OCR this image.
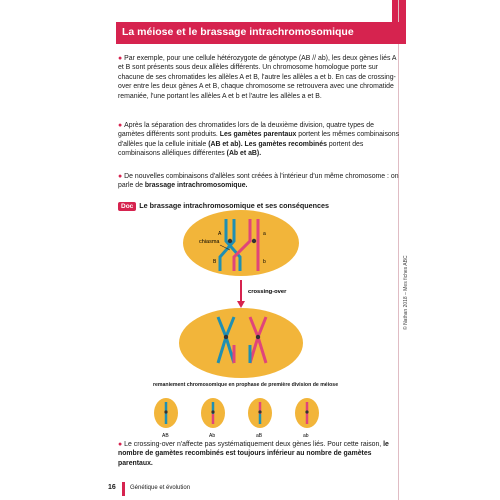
© Nathan 2018 – Mes fiches ABC
La méiose et le brassage intrachromosomique
● Par exemple, pour une cellule hétérozygote de génotype (AB // ab), les deux gènes liés A et B sont présents sous deux allèles différents. Un chromosome homologue porte sur chacune de ses chromatides les allèles A et B, l'autre les allèles a et b. En cas de crossing-over entre les deux gènes A et B, chaque chromosome se retrouvera avec une chromatide remaniée, l'une portant les allèles A et b et l'autre les allèles a et B.
● Après la séparation des chromatides lors de la deuxième division, quatre types de gamètes différents sont produits. Les gamètes parentaux portent les mêmes combinaisons d'allèles que la cellule initiale (AB et ab). Les gamètes recombinés portent des combinaisons alléliques différentes (Ab et aB).
● De nouvelles combinaisons d'allèles sont créées à l'intérieur d'un même chromosome : on parle de brassage intrachromosomique.
Doc Le brassage intrachromosomique et ses conséquences
A	a
B	b
chiasma
crossing-over
AB	Ab	aB	ab
remaniement chromosomique en prophase de première division de méiose
● Le crossing-over n'affecte pas systématiquement deux gènes liés. Pour cette raison, le nombre de gamètes recombinés est toujours inférieur au nombre de gamètes parentaux.
16 Génétique et évolution
